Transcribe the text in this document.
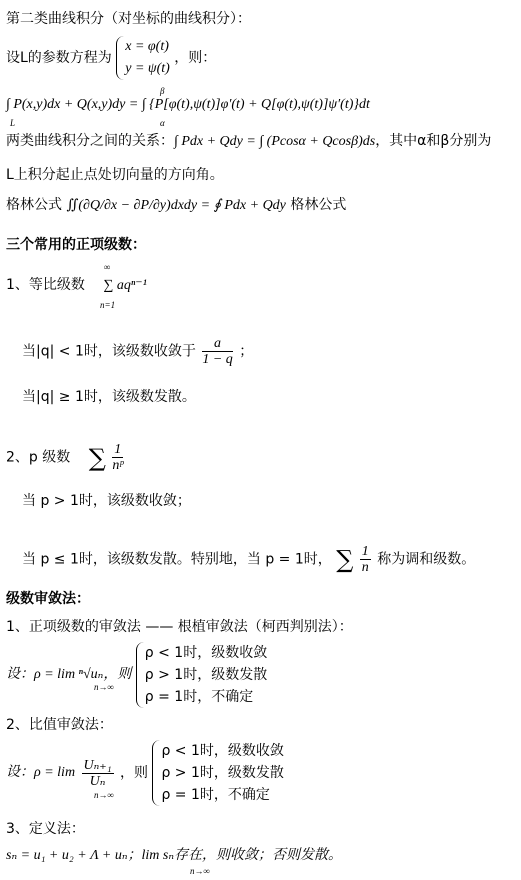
第二类曲线积分（对坐标的曲线积分）：
设L的参数方程为
x = φ(t)
y = ψ(t)
，则：
∫ P(x,y)dx + Q(x,y)dy = ∫ {P[φ(t),ψ(t)]φ′(t) + Q[φ(t),ψ(t)]ψ′(t)}dt
L
β
α
两类曲线积分之间的关系：∫ Pdx + Qdy = ∫ (Pcosα + Qcosβ)ds，其中α和β分别为
L上积分起止点处切向量的方向角。
格林公式 ∬(∂Q/∂x − ∂P/∂y)dxdy = ∮ Pdx + Qdy 格林公式
三个常用的正项级数：
1、等比级数 ∑ aqⁿ⁻¹
∞
n=1
当|q| < 1时，该级数收敛于 $\frac{a}{1 - q}$ ；
当|q| ≥ 1时，该级数发散。
2、p 级数 ∑ $\frac{1}{\text{nᵖ}}$
当 p > 1时，该级数收敛；
当 p ≤ 1时，该级数发散。特别地，当 p = 1时， ∑ $\frac{1}{n}$ 称为调和级数。
级数审敛法：
1、正项级数的审敛法 —— 根植审敛法（柯西判别法）：
设：ρ = lim ⁿ√uₙ，则
ρ < 1时，级数收敛
ρ > 1时，级数发散
ρ = 1时，不确定
n→∞
2、比值审敛法：
设：$\rho = \lim \frac{\text{Uₙ₊₁}}{\text{Uₙ}}$ ，则
ρ < 1时，级数收敛
ρ > 1时，级数发散
ρ = 1时，不确定
n→∞
3、定义法：
sₙ = u₁ + u₂ + Λ + uₙ；lim sₙ存在，则收敛；否则发散。
n→∞
